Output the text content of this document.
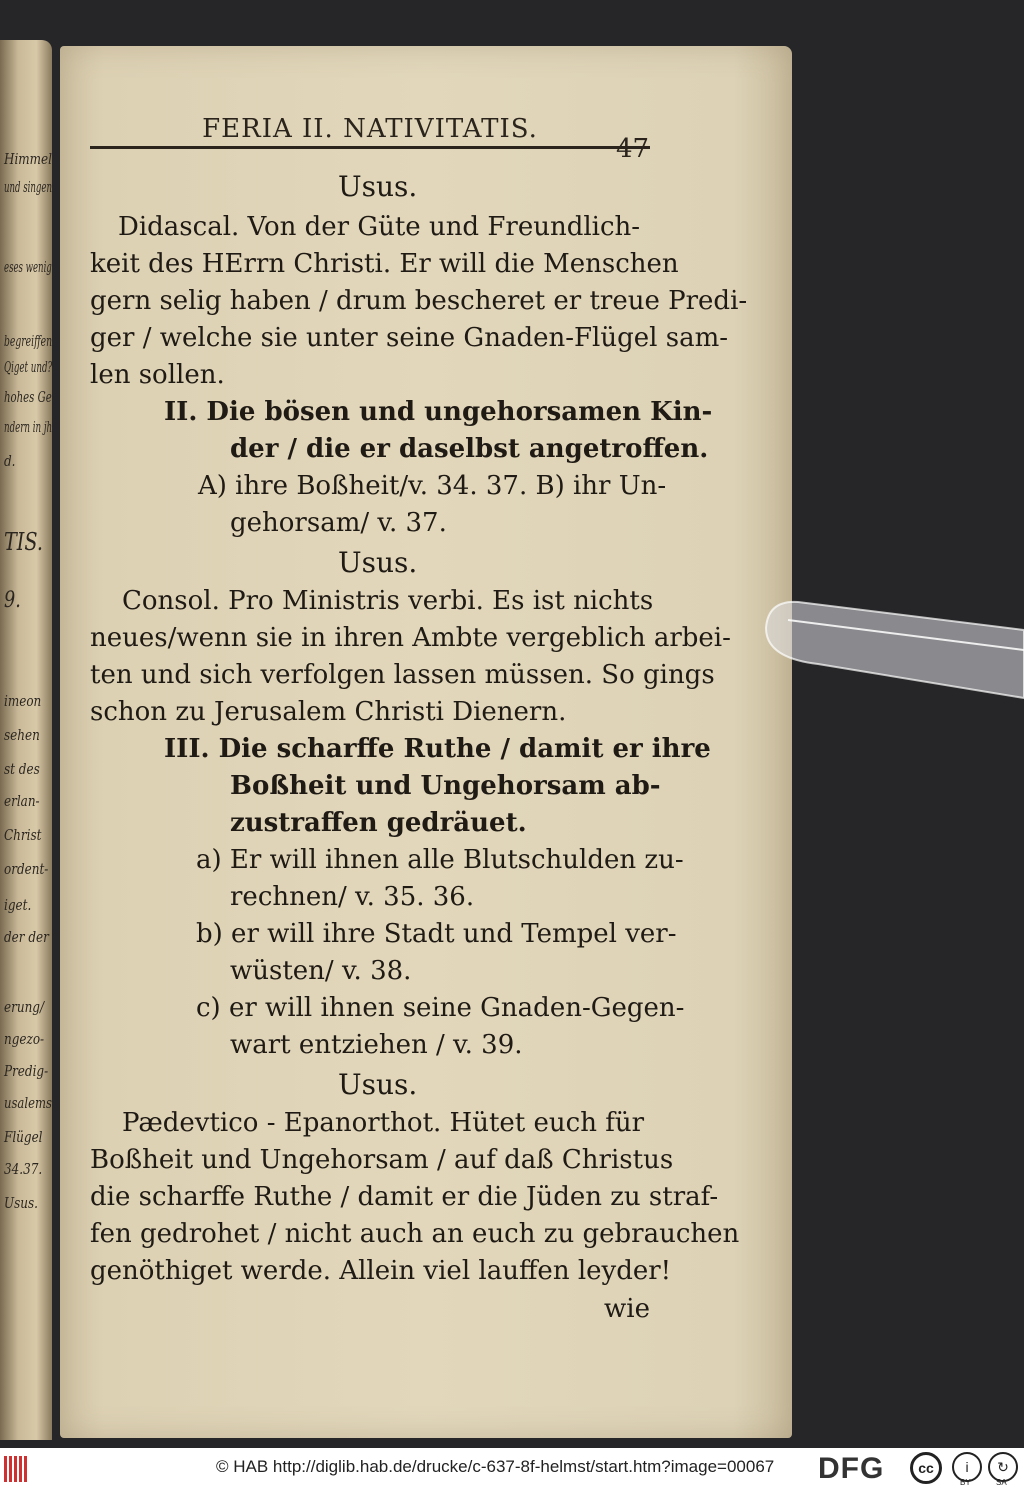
Himmel
und singen
eses wenig
begreiffen
Qiget und?
hohes Ge
ndern in jh
d.
TIS.
9.
imeon
sehen
st des
erlan-
Christ
ordent-
iget.
der der
erung/
ngezo-
Predig-
usalems
Flügel
34.37.
Usus.
FERIA II. NATIVITATIS.
47
Usus.
Didascal. Von der Güte und Freundlich-
keit des HErrn Christi. Er will die Menschen
gern selig haben / drum bescheret er treue Predi-
ger / welche sie unter seine Gnaden-Flügel sam-
len sollen.
II. Die bösen und ungehorsamen Kin-
der / die er daselbst angetroffen.
A) ihre Boßheit/v. 34. 37. B) ihr Un-
gehorsam/ v. 37.
Usus.
Consol. Pro Ministris verbi. Es ist nichts
neues/wenn sie in ihren Ambte vergeblich arbei-
ten und sich verfolgen lassen müssen. So gings
schon zu Jerusalem Christi Dienern.
III. Die scharffe Ruthe / damit er ihre
Boßheit und Ungehorsam ab-
zustraffen gedräuet.
a) Er will ihnen alle Blutschulden zu-
rechnen/ v. 35. 36.
b) er will ihre Stadt und Tempel ver-
wüsten/ v. 38.
c) er will ihnen seine Gnaden-Gegen-
wart entziehen / v. 39.
Usus.
Pædevtico - Epanorthot. Hütet euch für
Boßheit und Ungehorsam / auf daß Christus
die scharffe Ruthe / damit er die Jüden zu straf-
fen gedrohet / nicht auch an euch zu gebrauchen
genöthiget werde. Allein viel lauffen leyder!
wie
© HAB http://diglib.hab.de/drucke/c-637-8f-helmst/start.htm?image=00067 DFG	cc	i
BY
↻
SA
